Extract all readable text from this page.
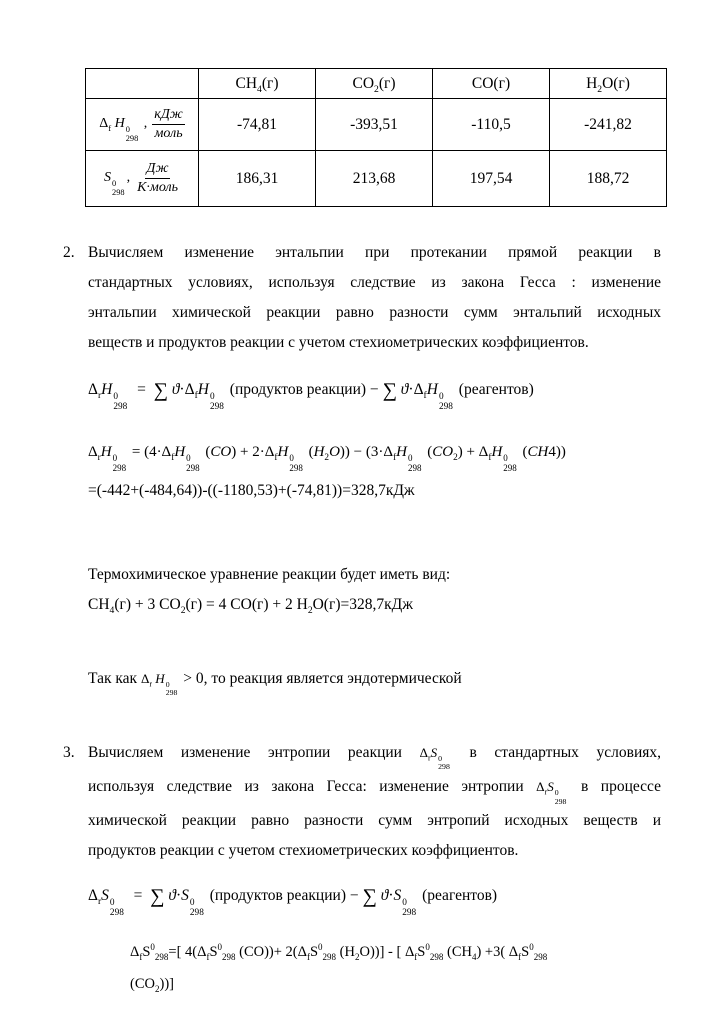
	$CH_4(г)$	$CO_2(г)$	CO(г)	$H_2O(г)$
$\Delta_f$ H 0
298
, $\frac{\text{кДж}}{\text{моль}}$	-74,81	-393,51	-110,5	-241,82
S 0
298
, $\frac{Дж}{\text{К·моль}}$	186,31	213,68	197,54	188,72
2. Вычисляем изменение энтальпии при протекании прямой реакции в
стандартных условиях, используя следствие из закона Гесса : изменение
энтальпии химической реакции равно разности сумм энтальпий исходных
веществ и продуктов реакции с учетом стехиометрических коэффициентов.
$\Delta_rH$ 0
298
=  ∑ $ϑ\cdot\Delta_fH$ 0
298
(продуктов реакции) − ∑ $ϑ\cdot\Delta_fH$ 0
298
(реагентов)
$\Delta_rH$ 0
298
= ($4\cdot\Delta_fH$ 0
298
$(CO) + 2\cdot\Delta_fH$ 0
298
$(H_2O)) - (3\cdot\Delta_fH$ 0
298
$(CO_2) + \Delta_fH$ 0
298
(CH4))
=(-442+(-484,64))-((-1180,53)+(-74,81))=328,7кДж
Термохимическое уравнение реакции будет иметь вид:
$CH_4(г) + 3$ $CO_2(г) = 4$ CO(г) + 2 $H_2O(г)=328,7кДж$
Так как $\Delta_r$ H 0
298
> 0, то реакция является эндотермической
3. Вычисляем изменение энтропии реакции $\Delta_rS$ 0
298
в стандартных условиях,
используя следствие из закона Гесса: изменение энтропии $\Delta_rS$ 0
298
в процессе
химической реакции равно разности сумм энтропий исходных веществ и
продуктов реакции с учетом стехиометрических коэффициентов.
$\Delta_rS$ 0
298
=  ∑ ϑ·S 0
298
(продуктов реакции) − ∑ ϑ·S 0
298
(реагентов)
$\Delta_fS^0_{298}=$[ $4(\Delta_fS^0_{298}$ $(CO))+ 2(\Delta_fS^0_{298}$ $(H_2O)$)] - [ $\Delta_fS^0_{298}$ $(CH_4) +3$( $\Delta_fS^0_{298}$
$(CO_2)$)]
